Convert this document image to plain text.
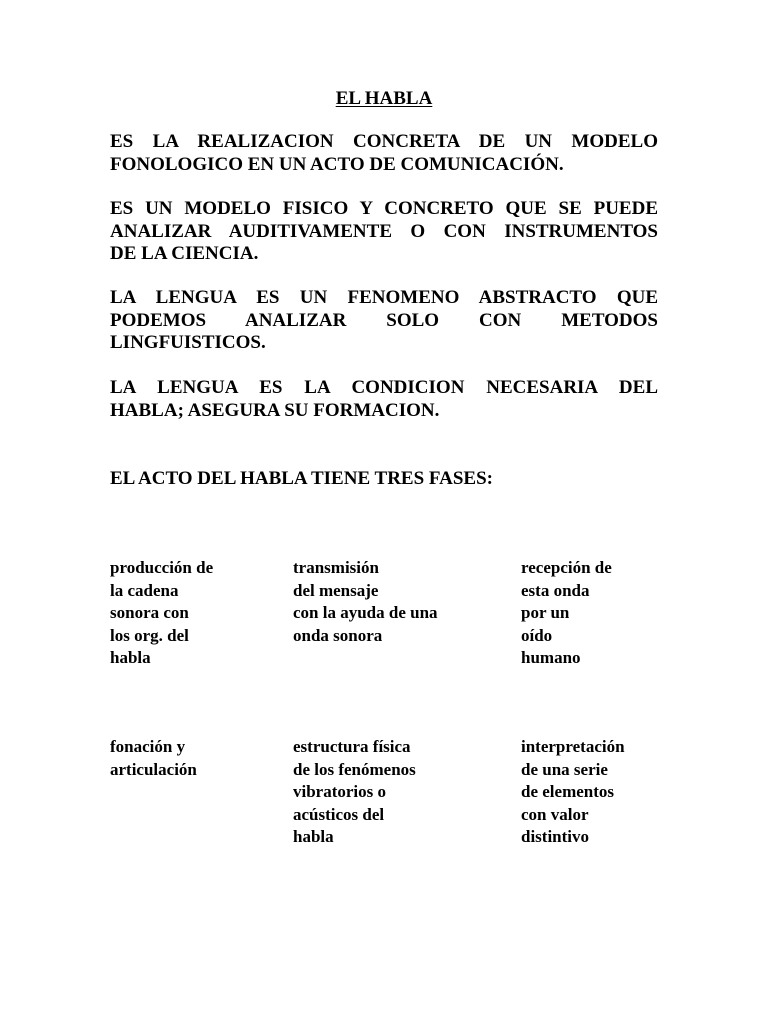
EL HABLA
ES LA REALIZACION CONCRETA DE UN MODELO
FONOLOGICO EN UN ACTO DE COMUNICACIÓN.
ES UN MODELO FISICO Y CONCRETO QUE SE PUEDE
ANALIZAR AUDITIVAMENTE O CON INSTRUMENTOS
DE LA CIENCIA.
LA LENGUA ES UN FENOMENO ABSTRACTO QUE
PODEMOS ANALIZAR SOLO CON METODOS
LINGFUISTICOS.
LA LENGUA ES LA CONDICION NECESARIA DEL
HABLA; ASEGURA SU FORMACION.
EL ACTO DEL HABLA TIENE TRES FASES:
producción de
la cadena
sonora con
los org. del
habla
transmisión
del mensaje
con la ayuda de una
onda sonora
recepción de
esta onda
por un
oído
humano
fonación y
articulación
estructura física
de los fenómenos
vibratorios o
acústicos del
habla
interpretación
de una serie
de elementos
con valor
distintivo
